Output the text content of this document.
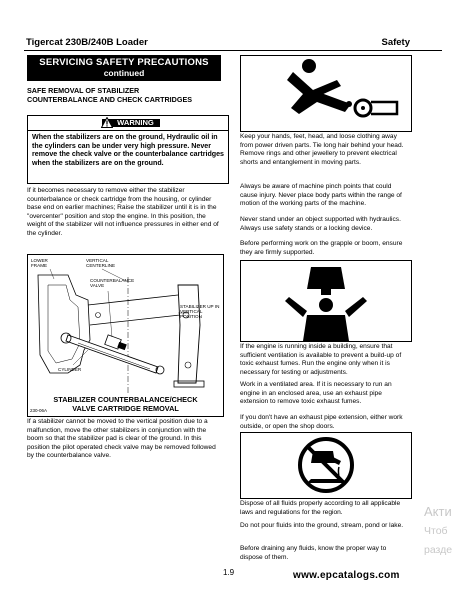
Tigercat 230B/240B Loader	Safety
SERVICING SAFETY PRECAUTIONS
continued
SAFE REMOVAL OF STABILIZER
COUNTERBALANCE AND CHECK CARTRIDGES
WARNING
When the stabilizers are on the ground, Hydraulic oil in the cylinders can be under very high pressure. Never remove the check valve or the counterbalance cartridges when the stabilizers are on the ground.
If it becomes necessary to remove either the stabilizer counterbalance or check cartridge from the housing, or cylinder base end on earlier machines; Raise the stabilizer until it is in the "overcenter" position and stop the engine. In this position, the weight of the stabilizer will not influence pressures in either end of the cylinder.
LOWER FRAME
VERTICAL CENTERLINE
COUNTERBALANCE VALVE
STABILIZER UP IN VERTICAL POSITION
CYLINDER
STABILIZER COUNTERBALANCE/CHECK
VALVE CARTRIDGE REMOVAL
230-06A
If a stabilizer cannot be moved to the vertical position due to a malfunction, move the other stabilizers in conjunction with the boom so that the stabilizer pad is clear of the ground. In this position the pilot operated check valve may be removed followed by the counterbalance valve.
Keep your hands, feet, head, and loose clothing away from power driven parts. Tie long hair behind your head. Remove rings and other jewellery to prevent electrical shorts and entanglement in moving parts.
Always be aware of machine pinch points that could cause injury. Never place body parts within the range of motion of the working parts of the machine.
Never stand under an object supported with hydraulics. Always use safety stands or a locking device.
Before performing work on the grapple or boom, ensure they are firmly supported.
If the engine is running inside a building, ensure that sufficient ventilation is available to prevent a build-up of toxic exhaust fumes. Run the engine only when it is necessary for testing or adjustments.
Work in a ventilated area. If it is necessary to run an engine in an enclosed area, use an exhaust pipe extension to remove toxic exhaust fumes.
If you don't have an exhaust pipe extension, either work outside, or open the shop doors.
Dispose of all fluids properly according to all applicable laws and regulations for the region.
Do not pour fluids into the ground, stream, pond or lake.
Before draining any fluids, know the proper way to dispose of them.
1.9	www.epcatalogs.com
Акти
Чтоб
разде
